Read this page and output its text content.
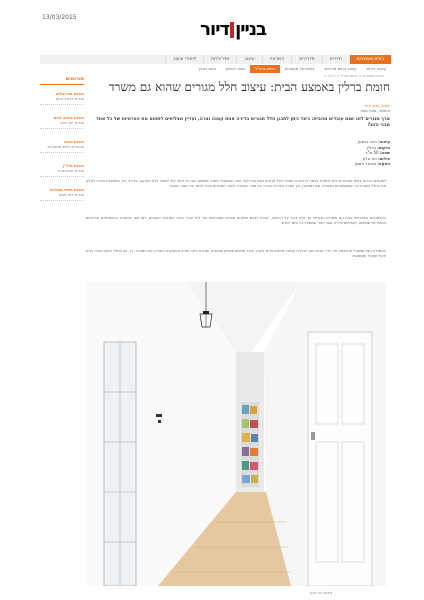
13/03/2015
בנייןדיור
בתים מעוצבים
חדרים
מדריכים
השראה
עיצוב
אדריכלות
לימודי עיצוב
עיצוב דירות
עיצוב בתים פרטיים
בתים של מעצבים
בתים בחו"ל
מבט ראשון
כתבי מגזין
בתים מעוצבים > בתים בחו"ל > דירה >
פורומים
פורום אדריכלים
בניהול דניאל הרמן
פורום עיצוב פנים
בניהול יעל לוינר
פורום גינות
בהנחיית דלפון ממקורות
פורום נדל"ן
בניהול חגית פורת
פורום חיפוי מוצרים
בניהול לאו מבחן
חומת ברלין באמצע הבית: עיצוב חלל מגורים שהוא גם משרד
מאת: בניין ודיור
איתמר, צוות אתר
ארך מגורים לזוג שגם עובדים מהבית: כיצד ניתן לתכנן חלל מגורים בדירה אחת קטנה וצרה, ועדיין מצליחים לתחום את הפרטיות של כל אחד מבני הזוג?
עיצוב: דונה גרסטן
מיקום: ברלין
שטח: 50 מ"ר
צילום: גיא אלון
הפקה: מיכאל וייסמן

לפעמים כיכרות בתים קטנים צריכים לתפקד בכמה דרכים בו זמנית: חלל מגורים נעים ונוח לבני הזוג, ובמקביל משרד מתפקד שבו כל אחד יכול לעבוד ללא הפרעה. בדירה הזו, המעצבת בחרה לחלק את החלל בעזרת קיר שמשמש גם כספרייה וגם כמחיצה, וכך נוצרה הפרדה ברורה בין אזור העבודה לאזור המגורים מבלי לוותר על האור הטבעי.

האלמנטים המרכזיים בבית הם חומרים טבעיים: עץ אלון בהיר על הרצפה, קירות לבנים וחלונות גבוהים שמכניסים אור לכל אורך היום. הפרטים הקטנים, כמו גופי התאורה התעשייתיים והדלתות המקוריות שחודשו, מעניקים לדירה אופי ייחודי שמשלב בין הישן לחדש.

המסדרון הצר שמוביל מהכניסה אל חדרי הבית הפך לגלריה קטנה: מדפים צרים לאורך הקיר מציגים ספרים ומגזינים, ומנורת כלוב תלויה מהתקרה ומאירה את המעבר. כך, גם החלל הקטן ביותר בבית קיבל תפקיד ומשמעות.

צילום: גיא אלון
